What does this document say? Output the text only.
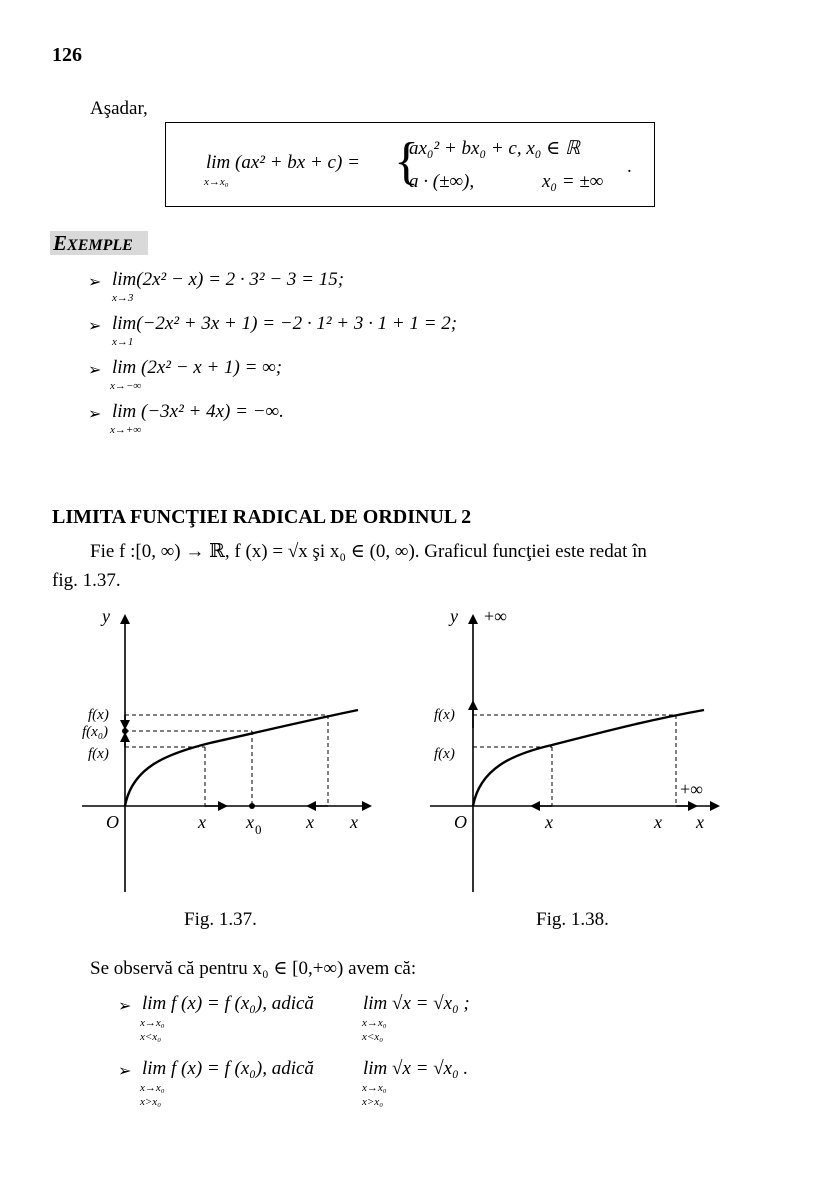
126
Aşadar,
lim (ax² + bx + c) =
x→x₀	{
ax₀² + bx₀ + c, x₀ ∈ ℝ
a · (±∞),	x₀ = ±∞
.
EXEMPLE
➢ lim(2x² − x) = 2 · 3² − 3 = 15;
x→3
➢ lim(−2x² + 3x + 1) = −2 · 1² + 3 · 1 + 1 = 2;
x→1
➢ lim (2x² − x + 1) = ∞;
x→−∞
➢ lim (−3x² + 4x) = −∞.
x→+∞
LIMITA FUNCŢIEI RADICAL DE ORDINUL 2
Fie f :[0, ∞) → ℝ, f (x) = √x şi x₀ ∈ (0, ∞). Graficul funcţiei este redat în
fig. 1.37.
y
x
O
f(x)
f(x₀)
f(x)
x x 0 x
y +∞
x
+∞
O
f(x)
f(x)
x	x
Fig. 1.37.	Fig. 1.38.
Se observă că pentru x₀ ∈ [0,+∞) avem că:
➢ lim f (x) = f (x₀), adică	lim √x = √x₀ ;
x→x₀
x<x₀
x→x₀
x<x₀
➢ lim f (x) = f (x₀), adică	lim √x = √x₀ .
x→x₀
x>x₀
x→x₀
x>x₀
